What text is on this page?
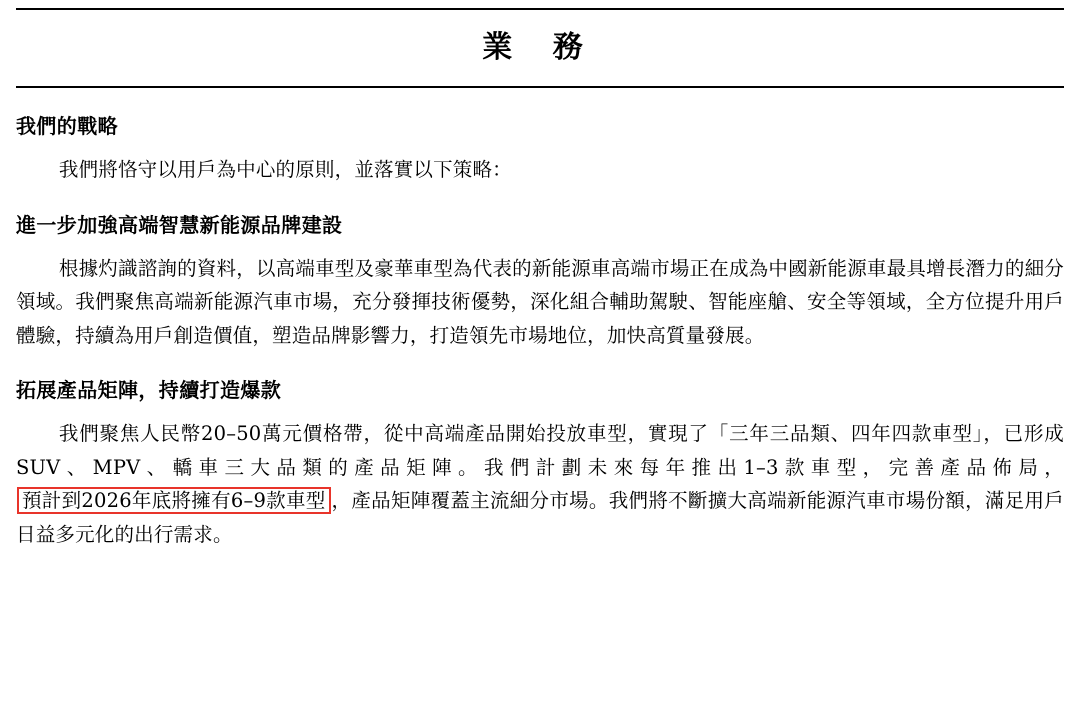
業 務
我們的戰略
我們將恪守以用戶為中心的原則，並落實以下策略：
進一步加強高端智慧新能源品牌建設
根據灼識諮詢的資料，以高端車型及豪華車型為代表的新能源車高端市場正在成為中國新能源車最具增長潛力的細分領域。我們聚焦高端新能源汽車市場，充分發揮技術優勢，深化組合輔助駕駛、智能座艙、安全等領域，全方位提升用戶體驗，持續為用戶創造價值，塑造品牌影響力，打造領先市場地位，加快高質量發展。
拓展產品矩陣，持續打造爆款
我們聚焦人民幣20–50萬元價格帶，從中高端產品開始投放車型，實現了「三年三品類、四年四款車型」，已形成SUV、MPV、轎車三大品類的產品矩陣。我們計劃未來每年推出1–3款車型，完善產品佈局，預計到2026年底將擁有6–9款車型 ，產品矩陣覆蓋主流細分市場。我們將不斷擴大高端新能源汽車市場份額，滿足用戶日益多元化的出行需求。
